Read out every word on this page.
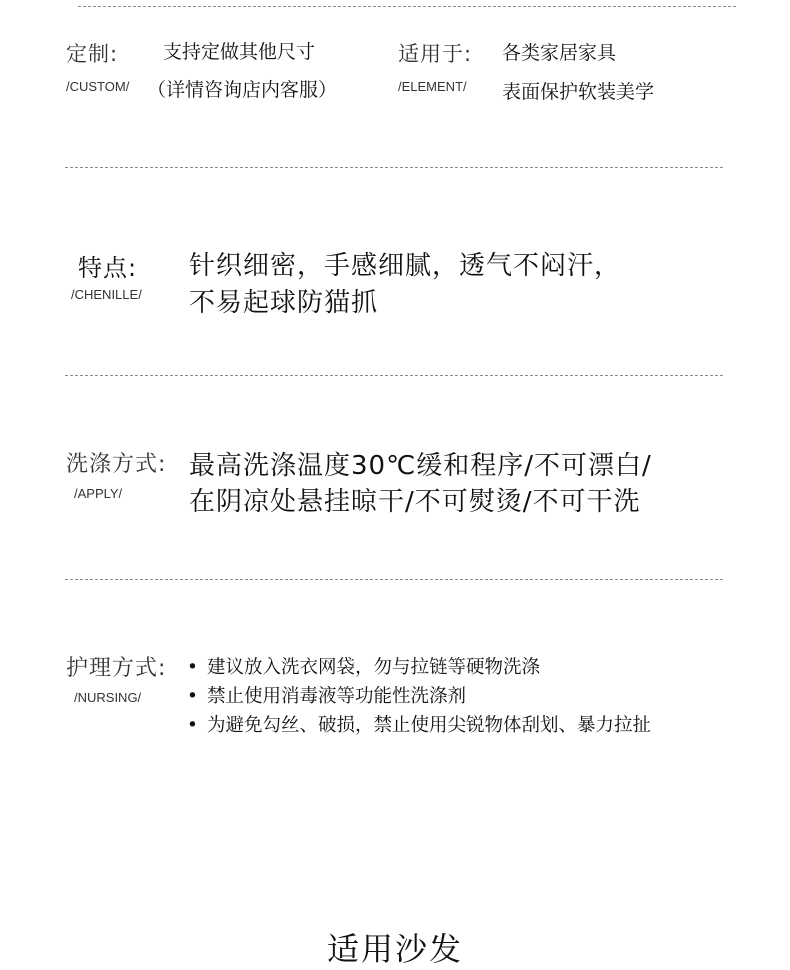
定制:
/CUSTOM/
支持定做其他尺寸
（详情咨询店内客服）
适用于:
/ELEMENT/
各类家居家具
表面保护软装美学
特点:
/CHENILLE/
针织细密，手感细腻，透气不闷汗，
不易起球防猫抓
洗涤方式:
/APPLY/
最高洗涤温度30℃缓和程序/不可漂白/
在阴凉处悬挂晾干/不可熨烫/不可干洗
护理方式:
/NURSING/
• 建议放入洗衣网袋，勿与拉链等硬物洗涤
• 禁止使用消毒液等功能性洗涤剂
• 为避免勾丝、破损，禁止使用尖锐物体刮划、暴力拉扯
适用沙发
